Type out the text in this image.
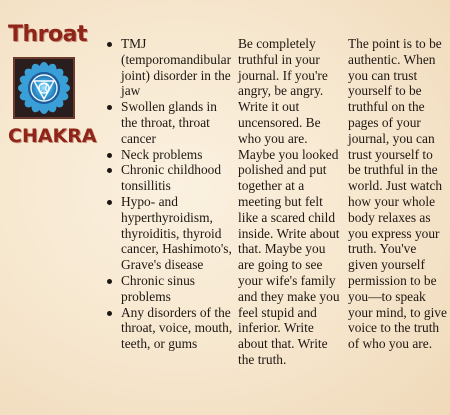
Throat
CHAKRA
TMJ (temporomandibular joint) disorder in the jaw
Swollen glands in the throat, throat cancer
Neck problems
Chronic childhood tonsillitis
Hypo- and hyperthyroidism, thyroiditis, thyroid cancer, Hashimoto's, Grave's disease
Chronic sinus problems
Any disorders of the throat, voice, mouth, teeth, or gums

Be completely truthful in your journal. If you're angry, be angry. Write it out uncensored. Be who you are. Maybe you looked polished and put together at a meeting but felt like a scared child inside. Write about that. Maybe you are going to see your wife's family and they make you feel stupid and inferior. Write about that. Write the truth.

The point is to be authentic. When you can trust yourself to be truthful on the pages of your journal, you can trust yourself to be truthful in the world. Just watch how your whole body relaxes as you express your truth. You've given yourself permission to be you—to speak your mind, to give voice to the truth of who you are.
